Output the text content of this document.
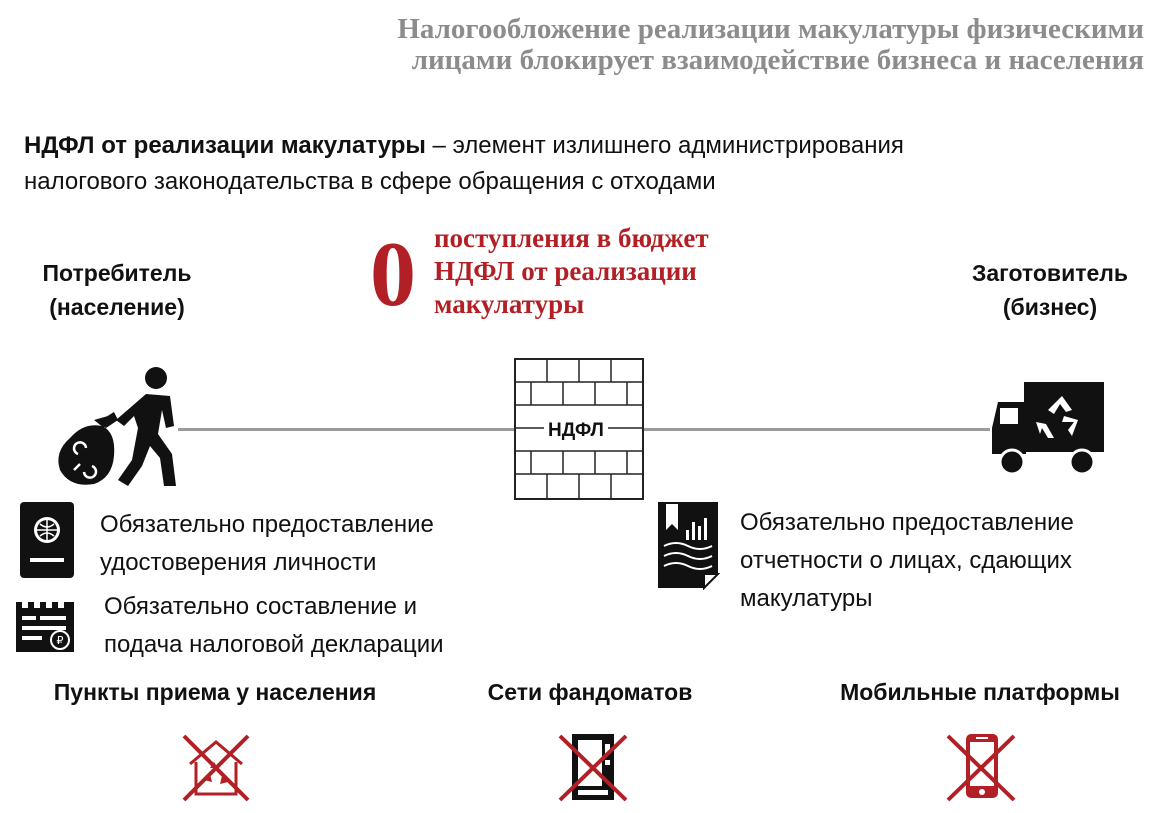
Налогообложение реализации макулатуры физическими
лицами блокирует взаимодействие бизнеса и населения
НДФЛ от реализации макулатуры – элемент излишнего администрирования
налогового законодательства в сфере обращения с отходами
Потребитель
(население)
Заготовитель
(бизнес)
0 поступления в бюджет
НДФЛ от реализации
макулатуры
НДФЛ
Обязательно предоставление
удостоверения личности
₽
Обязательно составление и
подача налоговой декларации
Обязательно предоставление
отчетности о лицах, сдающих
макулатуры
Пункты приема у населения	Сети фандоматов	Мобильные платформы
